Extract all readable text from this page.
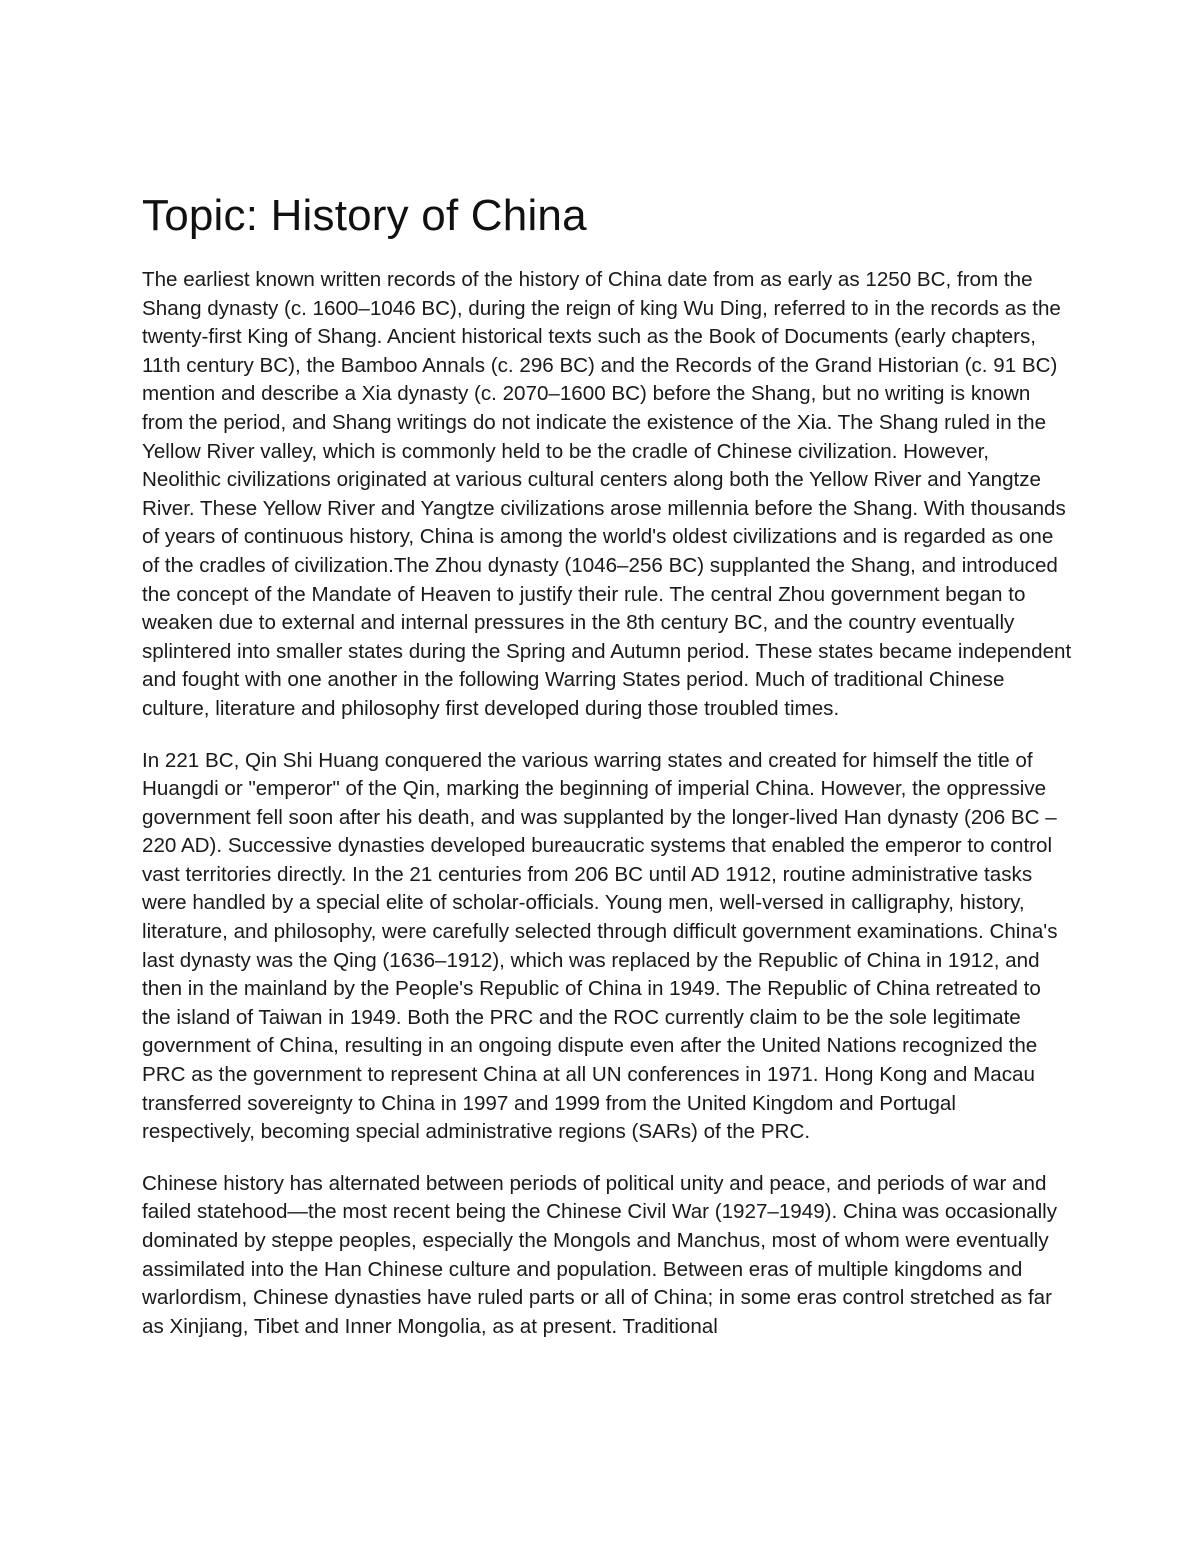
Topic: History of China

The earliest known written records of the history of China date from as early as 1250 BC, from the Shang dynasty (c. 1600–1046 BC), during the reign of king Wu Ding, referred to in the records as the twenty-first King of Shang. Ancient historical texts such as the Book of Documents (early chapters, 11th century BC), the Bamboo Annals (c. 296 BC) and the Records of the Grand Historian (c. 91 BC) mention and describe a Xia dynasty (c. 2070–1600 BC) before the Shang, but no writing is known from the period, and Shang writings do not indicate the existence of the Xia. The Shang ruled in the Yellow River valley, which is commonly held to be the cradle of Chinese civilization. However, Neolithic civilizations originated at various cultural centers along both the Yellow River and Yangtze River. These Yellow River and Yangtze civilizations arose millennia before the Shang. With thousands of years of continuous history, China is among the world's oldest civilizations and is regarded as one of the cradles of civilization.The Zhou dynasty (1046–256 BC) supplanted the Shang, and introduced the concept of the Mandate of Heaven to justify their rule. The central Zhou government began to weaken due to external and internal pressures in the 8th century BC, and the country eventually splintered into smaller states during the Spring and Autumn period. These states became independent and fought with one another in the following Warring States period. Much of traditional Chinese culture, literature and philosophy first developed during those troubled times.

In 221 BC, Qin Shi Huang conquered the various warring states and created for himself the title of Huangdi or "emperor" of the Qin, marking the beginning of imperial China. However, the oppressive government fell soon after his death, and was supplanted by the longer-lived Han dynasty (206 BC – 220 AD). Successive dynasties developed bureaucratic systems that enabled the emperor to control vast territories directly. In the 21 centuries from 206 BC until AD 1912, routine administrative tasks were handled by a special elite of scholar-officials. Young men, well-versed in calligraphy, history, literature, and philosophy, were carefully selected through difficult government examinations. China's last dynasty was the Qing (1636–1912), which was replaced by the Republic of China in 1912, and then in the mainland by the People's Republic of China in 1949. The Republic of China retreated to the island of Taiwan in 1949. Both the PRC and the ROC currently claim to be the sole legitimate government of China, resulting in an ongoing dispute even after the United Nations recognized the PRC as the government to represent China at all UN conferences in 1971. Hong Kong and Macau transferred sovereignty to China in 1997 and 1999 from the United Kingdom and Portugal respectively, becoming special administrative regions (SARs) of the PRC.

Chinese history has alternated between periods of political unity and peace, and periods of war and failed statehood—the most recent being the Chinese Civil War (1927–1949). China was occasionally dominated by steppe peoples, especially the Mongols and Manchus, most of whom were eventually assimilated into the Han Chinese culture and population. Between eras of multiple kingdoms and warlordism, Chinese dynasties have ruled parts or all of China; in some eras control stretched as far as Xinjiang, Tibet and Inner Mongolia, as at present. Traditional
